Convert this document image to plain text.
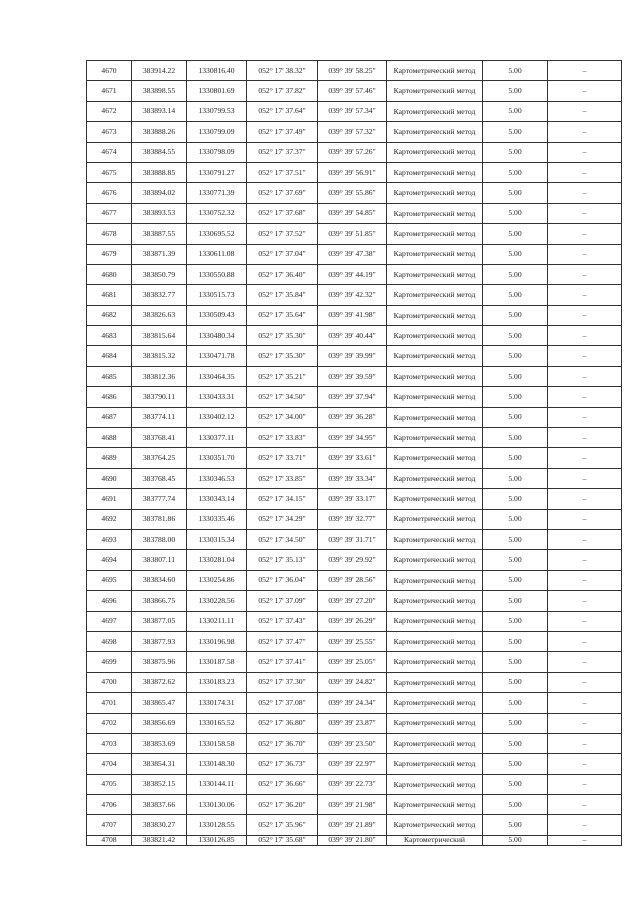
4670	383914.22	1330816.40	052° 17' 38.32"	039° 39' 58.25"	Картометрический метод	5.00	–
4671	383898.55	1330801.69	052° 17' 37.82"	039° 39' 57.46"	Картометрический метод	5.00	–
4672	383893.14	1330799.53	052° 17' 37.64"	039° 39' 57.34"	Картометрический метод	5.00	–
4673	383888.26	1330799.09	052° 17' 37.49"	039° 39' 57.32"	Картометрический метод	5.00	–
4674	383884.55	1330798.09	052° 17' 37.37"	039° 39' 57.26"	Картометрический метод	5.00	–
4675	383888.85	1330791.27	052° 17' 37.51"	039° 39' 56.91"	Картометрический метод	5.00	–
4676	383894.02	1330771.39	052° 17' 37.69"	039° 39' 55.86"	Картометрический метод	5.00	–
4677	383893.53	1330752.32	052° 17' 37.68"	039° 39' 54.85"	Картометрический метод	5.00	–
4678	383887.55	1330695.52	052° 17' 37.52"	039° 39' 51.85"	Картометрический метод	5.00	–
4679	383871.39	1330611.08	052° 17' 37.04"	039° 39' 47.38"	Картометрический метод	5.00	–
4680	383850.79	1330550.88	052° 17' 36.40"	039° 39' 44.19"	Картометрический метод	5.00	–
4681	383832.77	1330515.73	052° 17' 35.84"	039° 39' 42.32"	Картометрический метод	5.00	–
4682	383826.63	1330509.43	052° 17' 35.64"	039° 39' 41.98"	Картометрический метод	5.00	–
4683	383815.64	1330480.34	052° 17' 35.30"	039° 39' 40.44"	Картометрический метод	5.00	–
4684	383815.32	1330471.78	052° 17' 35.30"	039° 39' 39.99"	Картометрический метод	5.00	–
4685	383812.36	1330464.35	052° 17' 35.21"	039° 39' 39.59"	Картометрический метод	5.00	–
4686	383790.11	1330433.31	052° 17' 34.50"	039° 39' 37.94"	Картометрический метод	5.00	–
4687	383774.11	1330402.12	052° 17' 34.00"	039° 39' 36.28"	Картометрический метод	5.00	–
4688	383768.41	1330377.11	052° 17' 33.83"	039° 39' 34.95"	Картометрический метод	5.00	–
4689	383764.25	1330351.70	052° 17' 33.71"	039° 39' 33.61"	Картометрический метод	5.00	–
4690	383768.45	1330346.53	052° 17' 33.85"	039° 39' 33.34"	Картометрический метод	5.00	–
4691	383777.74	1330343.14	052° 17' 34.15"	039° 39' 33.17"	Картометрический метод	5.00	–
4692	383781.86	1330335.46	052° 17' 34.29"	039° 39' 32.77"	Картометрический метод	5.00	–
4693	383788.00	1330315.34	052° 17' 34.50"	039° 39' 31.71"	Картометрический метод	5.00	–
4694	383807.11	1330281.04	052° 17' 35.13"	039° 39' 29.92"	Картометрический метод	5.00	–
4695	383834.60	1330254.86	052° 17' 36.04"	039° 39' 28.56"	Картометрический метод	5.00	–
4696	383866.75	1330228.56	052° 17' 37.09"	039° 39' 27.20"	Картометрический метод	5.00	–
4697	383877.05	1330211.11	052° 17' 37.43"	039° 39' 26.29"	Картометрический метод	5.00	–
4698	383877.93	1330196.98	052° 17' 37.47"	039° 39' 25.55"	Картометрический метод	5.00	–
4699	383875.96	1330187.58	052° 17' 37.41"	039° 39' 25.05"	Картометрический метод	5.00	–
4700	383872.62	1330183.23	052° 17' 37.30"	039° 39' 24.82"	Картометрический метод	5.00	–
4701	383865.47	1330174.31	052° 17' 37.08"	039° 39' 24.34"	Картометрический метод	5.00	–
4702	383856.69	1330165.52	052° 17' 36.80"	039° 39' 23.87"	Картометрический метод	5.00	–
4703	383853.69	1330158.58	052° 17' 36.70"	039° 39' 23.50"	Картометрический метод	5.00	–
4704	383854.31	1330148.30	052° 17' 36.73"	039° 39' 22.97"	Картометрический метод	5.00	–
4705	383852.15	1330144.11	052° 17' 36.66"	039° 39' 22.73"	Картометрический метод	5.00	–
4706	383837.66	1330130.06	052° 17' 36.20"	039° 39' 21.98"	Картометрический метод	5.00	–
4707	383830.27	1330128.55	052° 17' 35.96"	039° 39' 21.89"	Картометрический метод	5.00	–
4708	383821.42	1330126.85	052° 17' 35.68"	039° 39' 21.80"	Картометрический	5.00	–
